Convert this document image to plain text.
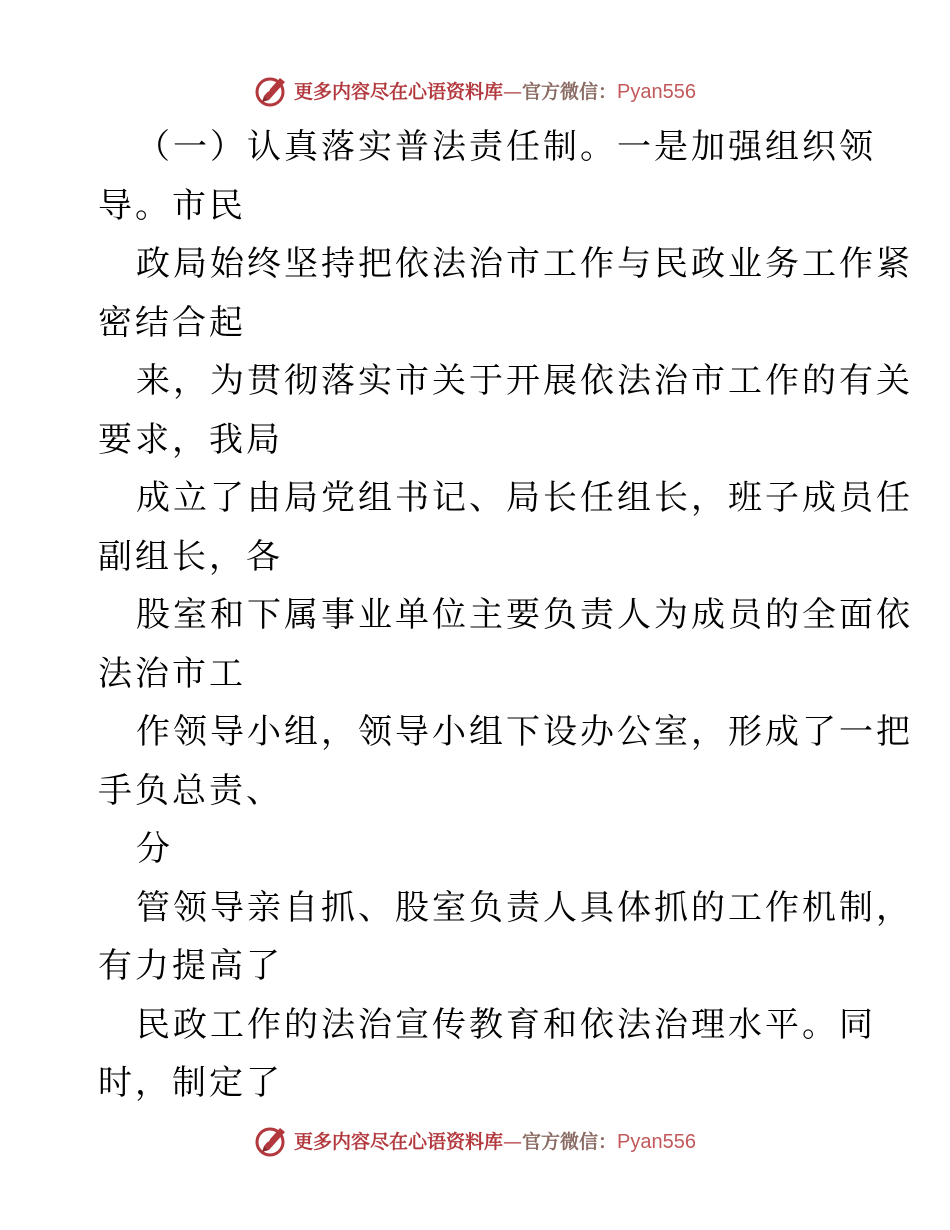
更多内容尽在心语资料库—官方微信：Pyan556
（一）认真落实普法责任制。一是加强组织领
导。市民
政局始终坚持把依法治市工作与民政业务工作紧
密结合起
来，为贯彻落实市关于开展依法治市工作的有关
要求，我局
成立了由局党组书记、局长任组长，班子成员任
副组长，各
股室和下属事业单位主要负责人为成员的全面依
法治市工
作领导小组，领导小组下设办公室，形成了一把
手负总责、
分
管领导亲自抓、股室负责人具体抓的工作机制，
有力提高了
民政工作的法治宣传教育和依法治理水平。同
时，制定了
更多内容尽在心语资料库—官方微信：Pyan556
